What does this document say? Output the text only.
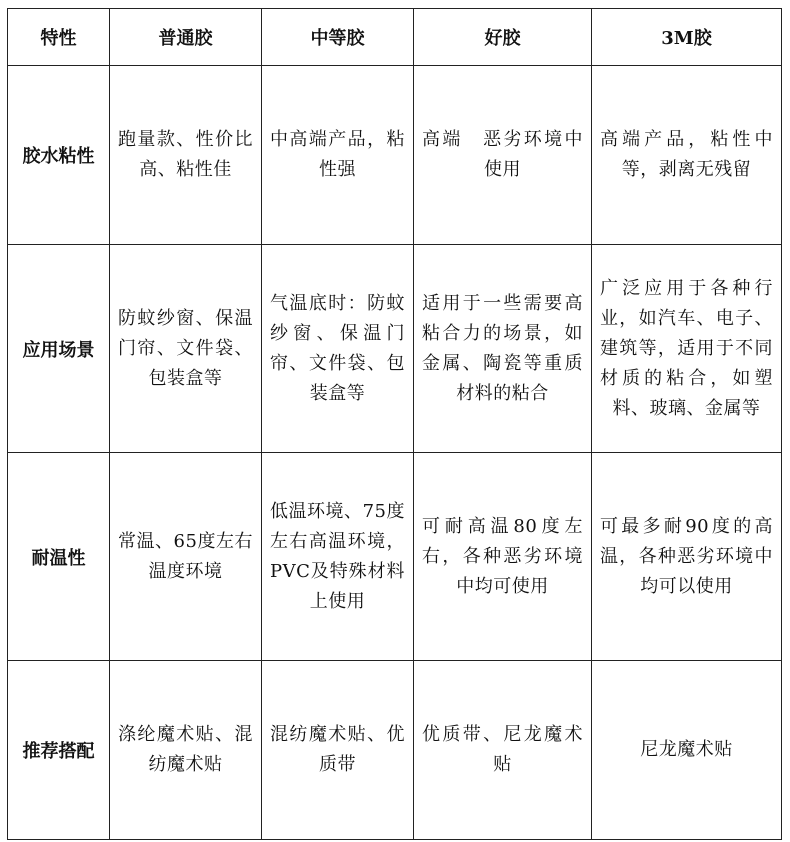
特性	普通胶	中等胶	好胶	3M胶
胶水粘性	跑量款、性价比高、粘性佳	中高端产品，粘性强	高端　恶劣环境中使用	高端产品，粘性中等，剥离无残留
应用场景	防蚊纱窗、保温门帘、文件袋、包装盒等	气温底时：防蚊纱窗、保温门帘、文件袋、包装盒等	适用于一些需要高粘合力的场景，如金属、陶瓷等重质材料的粘合	广泛应用于各种行业，如汽车、电子、建筑等，适用于不同材质的粘合，如塑料、玻璃、金属等
耐温性	常温、65度左右温度环境	低温环境、75度左右高温环境，PVC及特殊材料上使用	可耐高温80度左右，各种恶劣环境中均可使用	可最多耐90度的高温，各种恶劣环境中均可以使用
推荐搭配	涤纶魔术贴、混纺魔术贴	混纺魔术贴、优质带	优质带、尼龙魔术贴	尼龙魔术贴
